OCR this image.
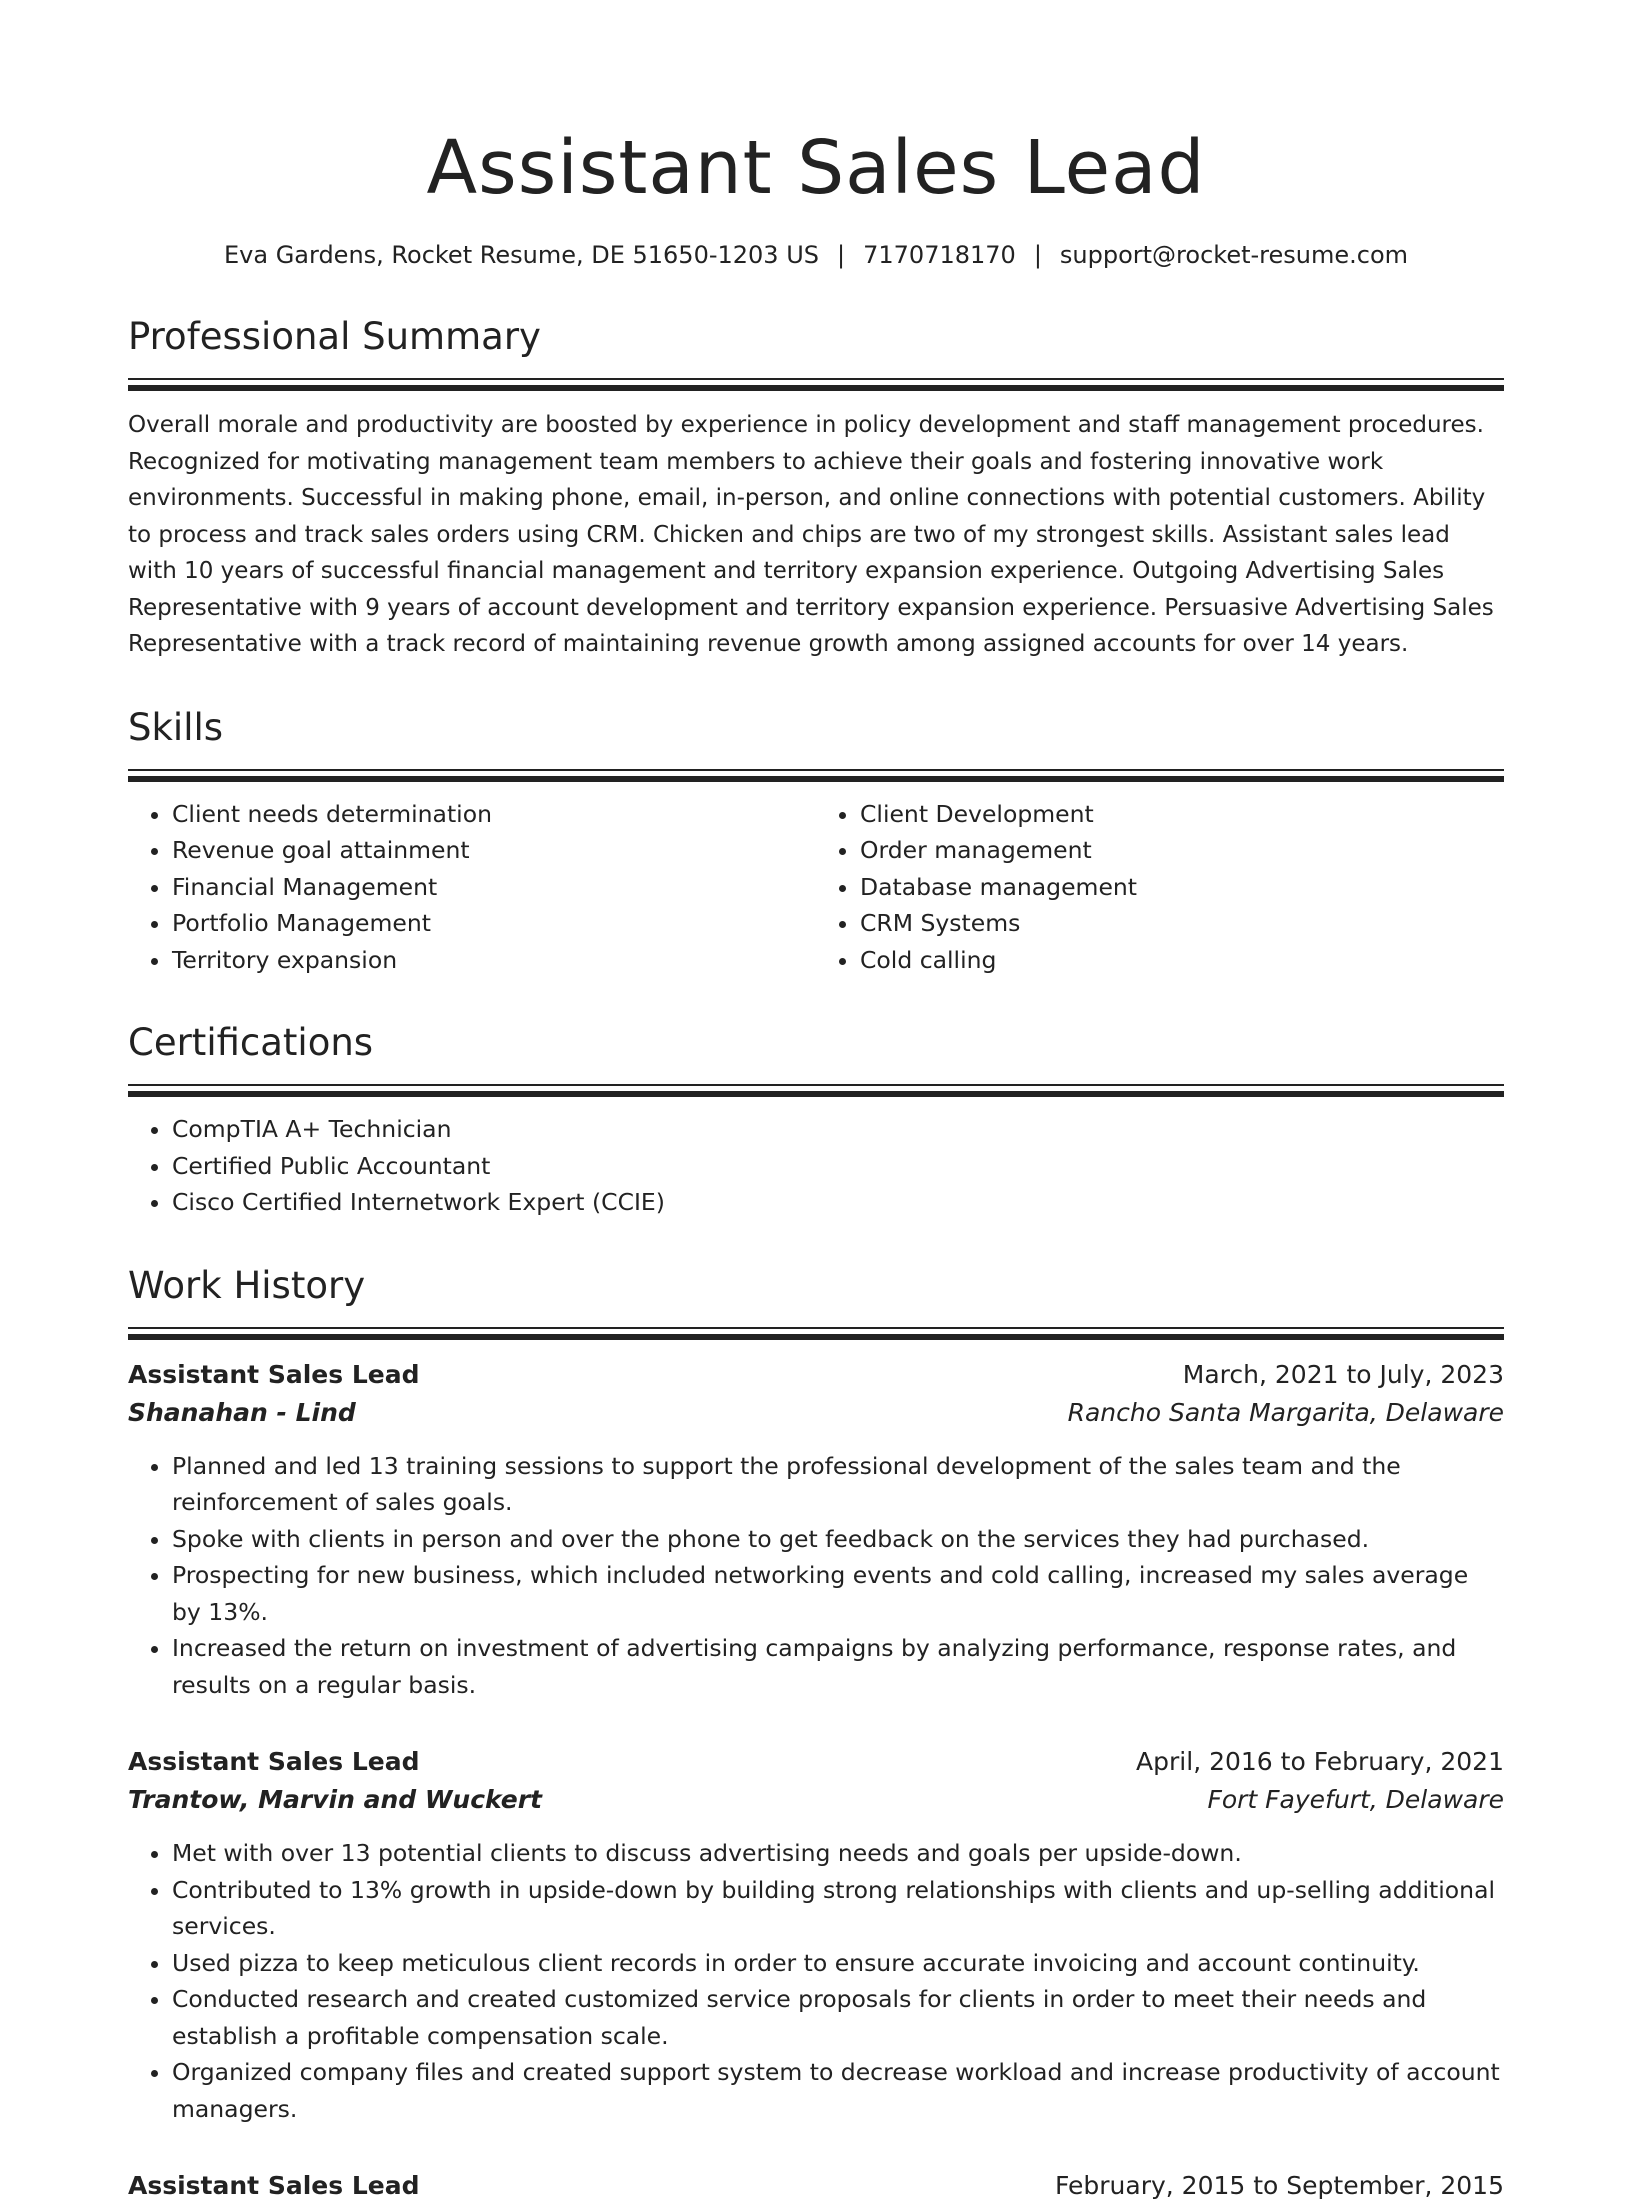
Assistant Sales Lead
Eva Gardens, Rocket Resume, DE 51650-1203 US | 7170718170 | support@rocket-resume.com
Professional Summary
Overall morale and productivity are boosted by experience in policy development and staff management procedures. Recognized for motivating management team members to achieve their goals and fostering innovative work environments. Successful in making phone, email, in-person, and online connections with potential customers. Ability to process and track sales orders using CRM. Chicken and chips are two of my strongest skills. Assistant sales lead with 10 years of successful financial management and territory expansion experience. Outgoing Advertising Sales Representative with 9 years of account development and territory expansion experience. Persuasive Advertising Sales Representative with a track record of maintaining revenue growth among assigned accounts for over 14 years.
Skills
• Client needs determination
• Revenue goal attainment
• Financial Management
• Portfolio Management
• Territory expansion
• Client Development
• Order management
• Database management
• CRM Systems
• Cold calling
Certifications
• CompTIA A+ Technician
• Certified Public Accountant
• Cisco Certified Internetwork Expert (CCIE)
Work History
Assistant Sales Lead	March, 2021 to July, 2023
Shanahan - Lind	Rancho Santa Margarita, Delaware
• Planned and led 13 training sessions to support the professional development of the sales team and the reinforcement of sales goals.
• Spoke with clients in person and over the phone to get feedback on the services they had purchased.
• Prospecting for new business, which included networking events and cold calling, increased my sales average by 13%.
• Increased the return on investment of advertising campaigns by analyzing performance, response rates, and results on a regular basis.
Assistant Sales Lead	April, 2016 to February, 2021
Trantow, Marvin and Wuckert	Fort Fayefurt, Delaware
• Met with over 13 potential clients to discuss advertising needs and goals per upside-down.
• Contributed to 13% growth in upside-down by building strong relationships with clients and up-selling additional services.
• Used pizza to keep meticulous client records in order to ensure accurate invoicing and account continuity.
• Conducted research and created customized service proposals for clients in order to meet their needs and establish a profitable compensation scale.
• Organized company files and created support system to decrease workload and increase productivity of account managers.
Assistant Sales Lead	February, 2015 to September, 2015
